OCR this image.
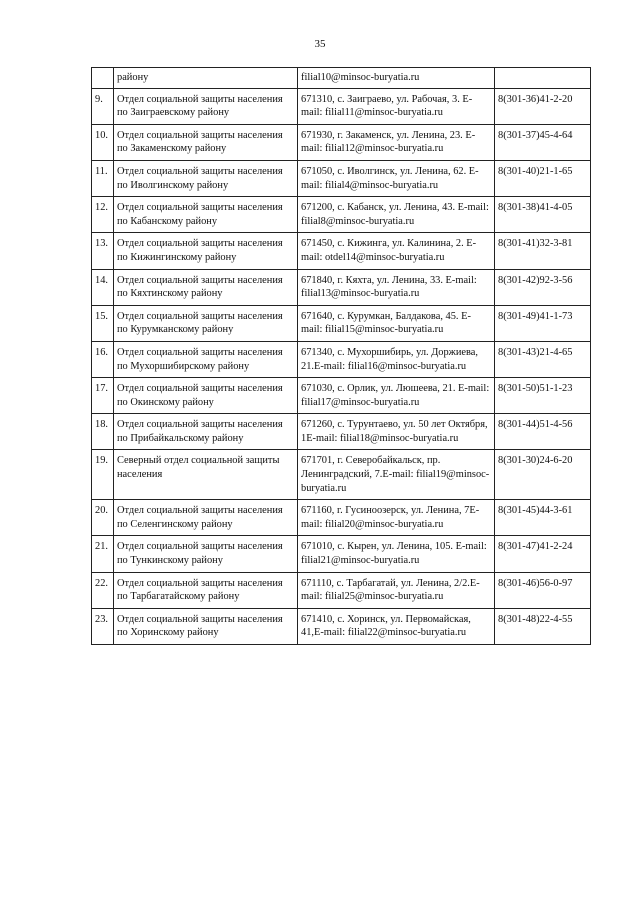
35
	району	filial10@minsoc-buryatia.ru	
9.	Отдел социальной защиты населения по Заиграевскому району	671310, с. Заиграево, ул. Рабочая, 3. E-mail: filial11@minsoc-buryatia.ru	8(301-36)41-2-20
10.	Отдел социальной защиты населения по Закаменскому району	671930, г. Закаменск, ул. Ленина, 23. E-mail: filial12@minsoc-buryatia.ru	8(301-37)45-4-64
11.	Отдел социальной защиты населения по Иволгинскому району	671050, с. Иволгинск, ул. Ленина, 62. E-mail: filial4@minsoc-buryatia.ru	8(301-40)21-1-65
12.	Отдел социальной защиты населения по Кабанскому району	671200, с. Кабанск, ул. Ленина, 43. E-mail: filial8@minsoc-buryatia.ru	8(301-38)41-4-05
13.	Отдел социальной защиты населения по Кижингинскому району	671450, с. Кижинга, ул. Калинина, 2. E-mail: otdel14@minsoc-buryatia.ru	8(301-41)32-3-81
14.	Отдел социальной защиты населения по Кяхтинскому району	671840, г. Кяхта, ул. Ленина, 33. E-mail: filial13@minsoc-buryatia.ru	8(301-42)92-3-56
15.	Отдел социальной защиты населения по Курумканскому району	671640, с. Курумкан, Балдакова, 45. E-mail: filial15@minsoc-buryatia.ru	8(301-49)41-1-73
16.	Отдел социальной защиты населения по Мухоршибирскому району	671340, с. Мухоршибирь, ул. Доржиева, 21.E-mail: filial16@minsoc-buryatia.ru	8(301-43)21-4-65
17.	Отдел социальной защиты населения по Окинскому району	671030, с. Орлик, ул. Люшеева, 21. E-mail: filial17@minsoc-buryatia.ru	8(301-50)51-1-23
18.	Отдел социальной защиты населения по Прибайкальскому району	671260, с. Турунтаево, ул. 50 лет Октября, 1E-mail: filial18@minsoc-buryatia.ru	8(301-44)51-4-56
19.	Северный отдел социальной защиты населения	671701, г. Северобайкальск, пр. Ленинградский, 7.E-mail: filial19@minsoc-buryatia.ru	8(301-30)24-6-20
20.	Отдел социальной защиты населения по Селенгинскому району	671160, г. Гусиноозерск, ул. Ленина, 7E-mail: filial20@minsoc-buryatia.ru	8(301-45)44-3-61
21.	Отдел социальной защиты населения по Тункинскому району	671010, с. Кырен, ул. Ленина, 105. E-mail: filial21@minsoc-buryatia.ru	8(301-47)41-2-24
22.	Отдел социальной защиты населения по Тарбагатайскому району	671110, с. Тарбагатай, ул. Ленина, 2/2.E-mail: filial25@minsoc-buryatia.ru	8(301-46)56-0-97
23.	Отдел социальной защиты населения по Хоринскому району	671410, с. Хоринск, ул. Первомайская, 41,E-mail: filial22@minsoc-buryatia.ru	8(301-48)22-4-55
